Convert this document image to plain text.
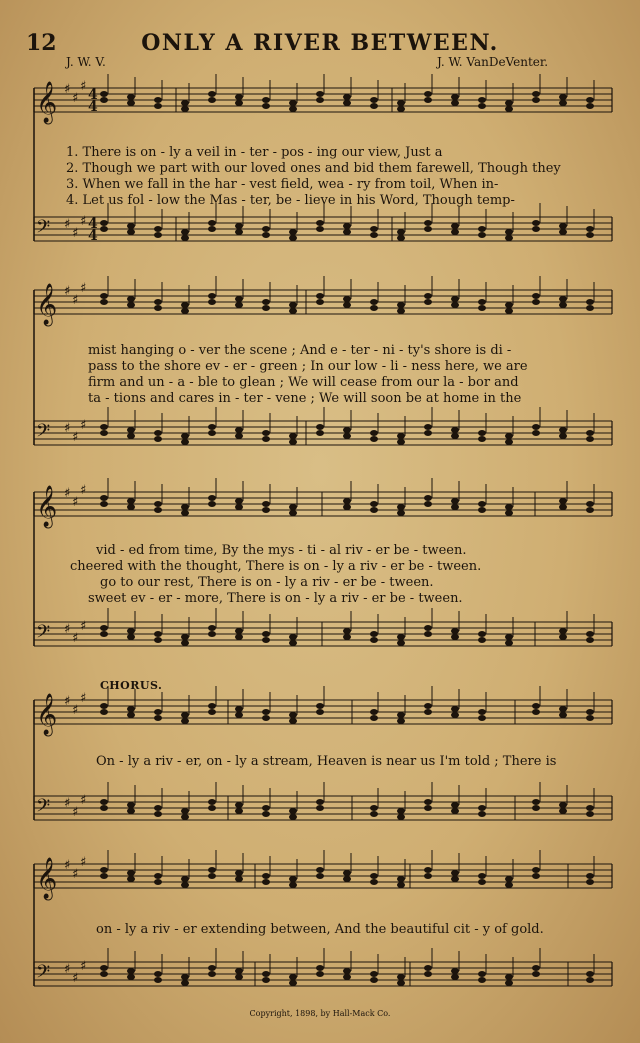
12	ONLY A RIVER BETWEEN.
J. W. V.	J. W. VanDeVenter.
𝄞 ♯
♯
♯
𝄢 ♯
♯
♯
𝄞 ♯
♯
♯
𝄢 ♯
♯
♯
𝄞 ♯
♯
♯
𝄢 ♯
♯
♯
𝄞 ♯
♯
♯
𝄢 ♯
♯
♯
𝄞 ♯
♯
♯
𝄢 ♯
♯
♯
4
4
4
4
1. There is on - ly a veil in - ter - pos - ing our view, Just a
2. Though we part with our loved ones and bid them farewell, Though they
3. When we fall in the har - vest field, wea - ry from toil, When in-
4. Let us fol - low the Mas - ter, be - lieve in his Word, Though temp-
mist hanging o - ver the scene ; And e - ter - ni - ty's shore is di -
pass to the shore ev - er - green ; In our low - li - ness here, we are
firm and un - a - ble to glean ; We will cease from our la - bor and
ta - tions and cares in - ter - vene ; We will soon be at home in the
vid - ed from time, By the mys - ti - al riv - er be - tween.
cheered with the thought, There is on - ly a riv - er be - tween.
go to our rest, There is on - ly a riv - er be - tween.
sweet ev - er - more, There is on - ly a riv - er be - tween.
CHORUS.
On - ly a riv - er, on - ly a stream, Heaven is near us I'm told ; There is
on - ly a riv - er extending between, And the beautiful cit - y of gold.
Copyright, 1898, by Hall-Mack Co.
